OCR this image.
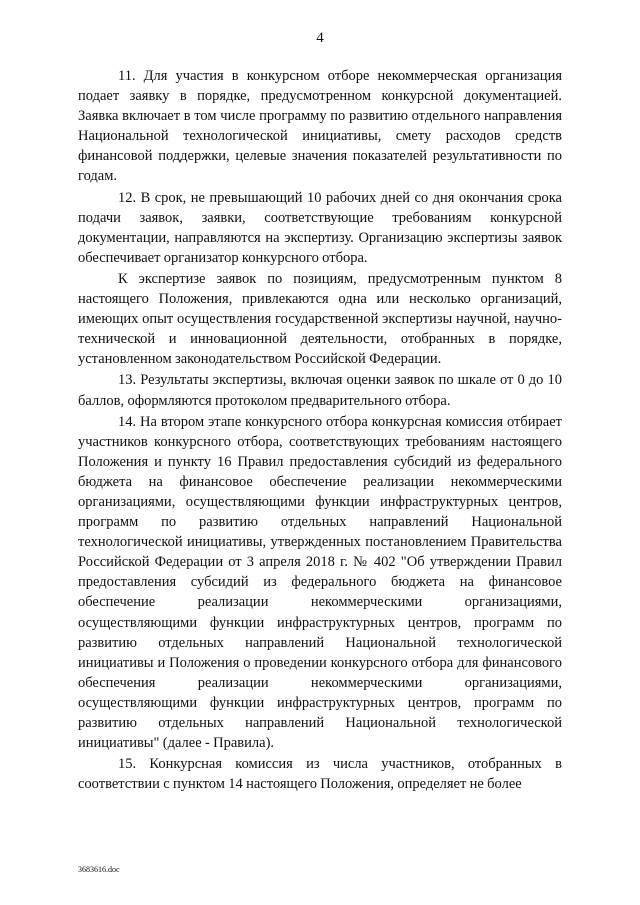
4

11. Для участия в конкурсном отборе некоммерческая организация подает заявку в порядке, предусмотренном конкурсной документацией. Заявка включает в том числе программу по развитию отдельного направления Национальной технологической инициативы, смету расходов средств финансовой поддержки, целевые значения показателей результативности по годам.

12. В срок, не превышающий 10 рабочих дней со дня окончания срока подачи заявок, заявки, соответствующие требованиям конкурсной документации, направляются на экспертизу. Организацию экспертизы заявок обеспечивает организатор конкурсного отбора.

К экспертизе заявок по позициям, предусмотренным пунктом 8 настоящего Положения, привлекаются одна или несколько организаций, имеющих опыт осуществления государственной экспертизы научной, научно-технической и инновационной деятельности, отобранных в порядке, установленном законодательством Российской Федерации.

13. Результаты экспертизы, включая оценки заявок по шкале от 0 до 10 баллов, оформляются протоколом предварительного отбора.

14. На втором этапе конкурсного отбора конкурсная комиссия отбирает участников конкурсного отбора, соответствующих требованиям настоящего Положения и пункту 16 Правил предоставления субсидий из федерального бюджета на финансовое обеспечение реализации некоммерческими организациями, осуществляющими функции инфраструктурных центров, программ по развитию отдельных направлений Национальной технологической инициативы, утвержденных постановлением Правительства Российской Федерации от 3 апреля 2018 г. № 402 "Об утверждении Правил предоставления субсидий из федерального бюджета на финансовое обеспечение реализации некоммерческими организациями, осуществляющими функции инфраструктурных центров, программ по развитию отдельных направлений Национальной технологической инициативы и Положения о проведении конкурсного отбора для финансового обеспечения реализации некоммерческими организациями, осуществляющими функции инфраструктурных центров, программ по развитию отдельных направлений Национальной технологической инициативы" (далее - Правила).

15. Конкурсная комиссия из числа участников, отобранных в соответствии с пунктом 14 настоящего Положения, определяет не более

3683616.doc
